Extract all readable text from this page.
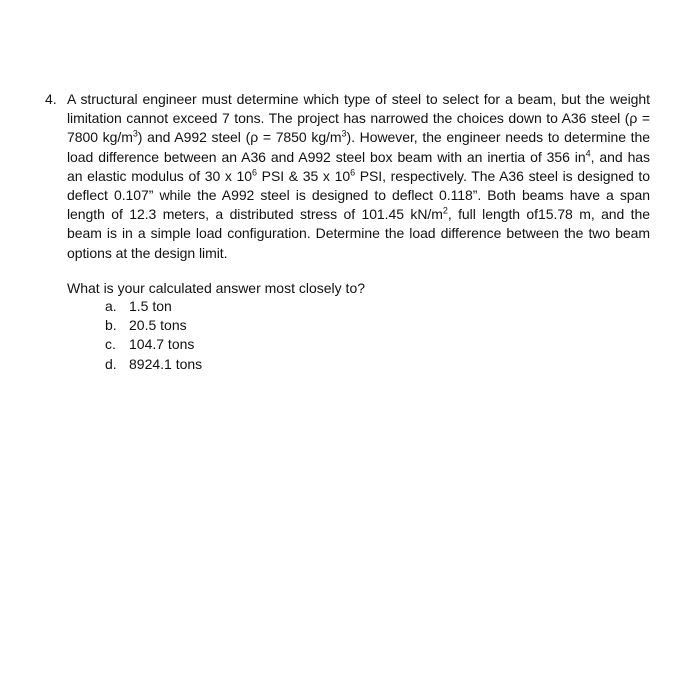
4. A structural engineer must determine which type of steel to select for a beam, but the weight limitation cannot exceed 7 tons. The project has narrowed the choices down to A36 steel (ρ = 7800 $kg/m^3$) and A992 steel (ρ = 7850 $kg/m^3$). However, the engineer needs to determine the load difference between an A36 and A992 steel box beam with an inertia of 356 $in^4$, and has an elastic modulus of 30 x $10^6$ PSI & 35 x $10^6$ PSI, respectively. The A36 steel is designed to deflect 0.107” while the A992 steel is designed to deflect 0.118”. Both beams have a span length of 12.3 meters, a distributed stress of 101.45 $kN/m^2$, full length of15.78 m, and the beam is in a simple load configuration. Determine the load difference between the two beam options at the design limit.
What is your calculated answer most closely to?
a. 1.5 ton
b. 20.5 tons
c. 104.7 tons
d. 8924.1 tons
